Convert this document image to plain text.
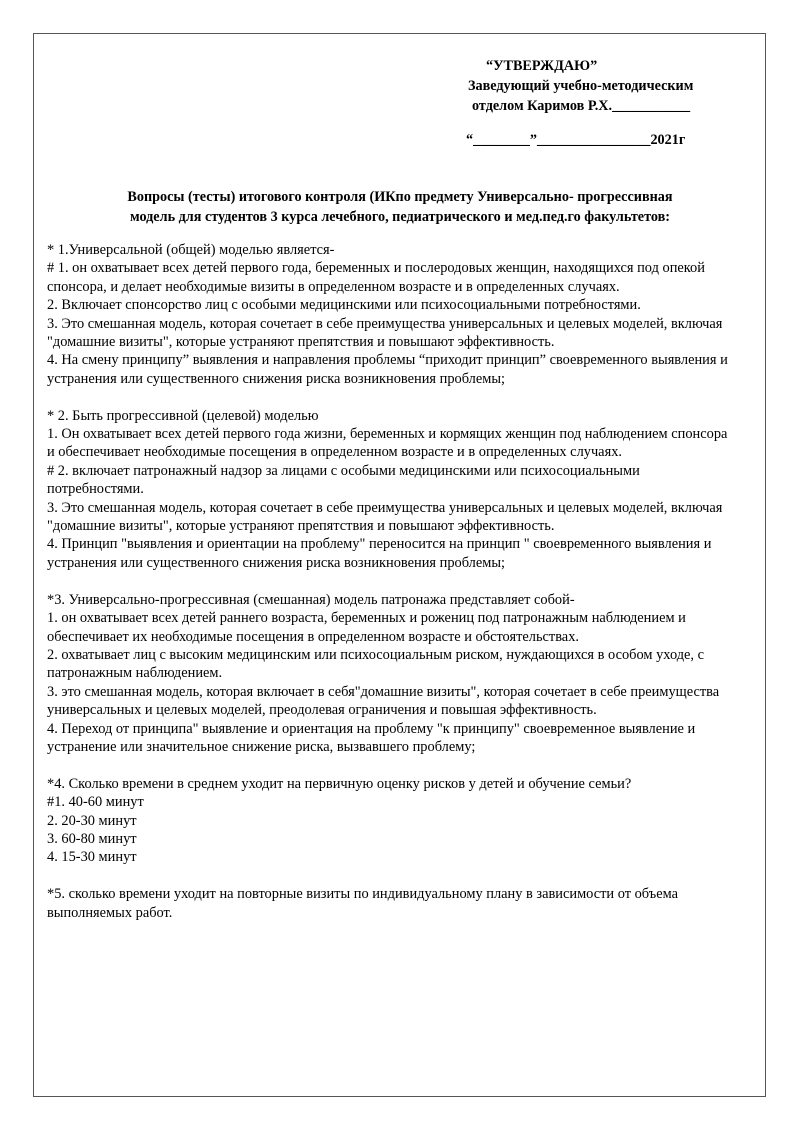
“УТВЕРЖДАЮ”
Заведующий учебно-методическим
отделом Каримов Р.Х.___________
“________”________________2021г
Вопросы (тесты) итогового контроля (ИКпо предмету Универсально- прогрессивная
модель для студентов 3 курса лечебного, педиатрического и мед.пед.го факультетов:
* 1.Универсальной (общей) моделью является-
# 1. он охватывает всех детей первого года, беременных и послеродовых женщин, находящихся под опекой спонсора, и делает необходимые визиты в определенном возрасте и в определенных случаях.
2. Включает спонсорство лиц с особыми медицинскими или психосоциальными потребностями.
3. Это смешанная модель, которая сочетает в себе преимущества универсальных и целевых моделей, включая "домашние визиты", которые устраняют препятствия и повышают эффективность.
4. На смену принципу” выявления и направления проблемы “приходит принцип” своевременного выявления и устранения или существенного снижения риска возникновения проблемы;
* 2. Быть прогрессивной (целевой) моделью
1. Он охватывает всех детей первого года жизни, беременных и кормящих женщин под наблюдением спонсора и обеспечивает необходимые посещения в определенном возрасте и в определенных случаях.
# 2. включает патронажный надзор за лицами с особыми медицинскими или психосоциальными потребностями.
3. Это смешанная модель, которая сочетает в себе преимущества универсальных и целевых моделей, включая "домашние визиты", которые устраняют препятствия и повышают эффективность.
4. Принцип "выявления и ориентации на проблему" переносится на принцип " своевременного выявления и устранения или существенного снижения риска возникновения проблемы;
*3. Универсально-прогрессивная (смешанная) модель патронажа представляет собой-
1. он охватывает всех детей раннего возраста, беременных и рожениц под патронажным наблюдением и обеспечивает их необходимые посещения в определенном возрасте и обстоятельствах.
2. охватывает лиц с высоким медицинским или психосоциальным риском, нуждающихся в особом уходе, с патронажным наблюдением.
3. это смешанная модель, которая включает в себя"домашние визиты", которая сочетает в себе преимущества универсальных и целевых моделей, преодолевая ограничения и повышая эффективность.
4. Переход от принципа" выявление и ориентация на проблему "к принципу" своевременное выявление и устранение или значительное снижение риска, вызвавшего проблему;
*4. Сколько времени в среднем уходит на первичную оценку рисков у детей и обучение семьи?
#1. 40-60 минут
2. 20-30 минут
3. 60-80 минут
4. 15-30 минут
*5. сколько времени уходит на повторные визиты по индивидуальному плану в зависимости от объема выполняемых работ.
